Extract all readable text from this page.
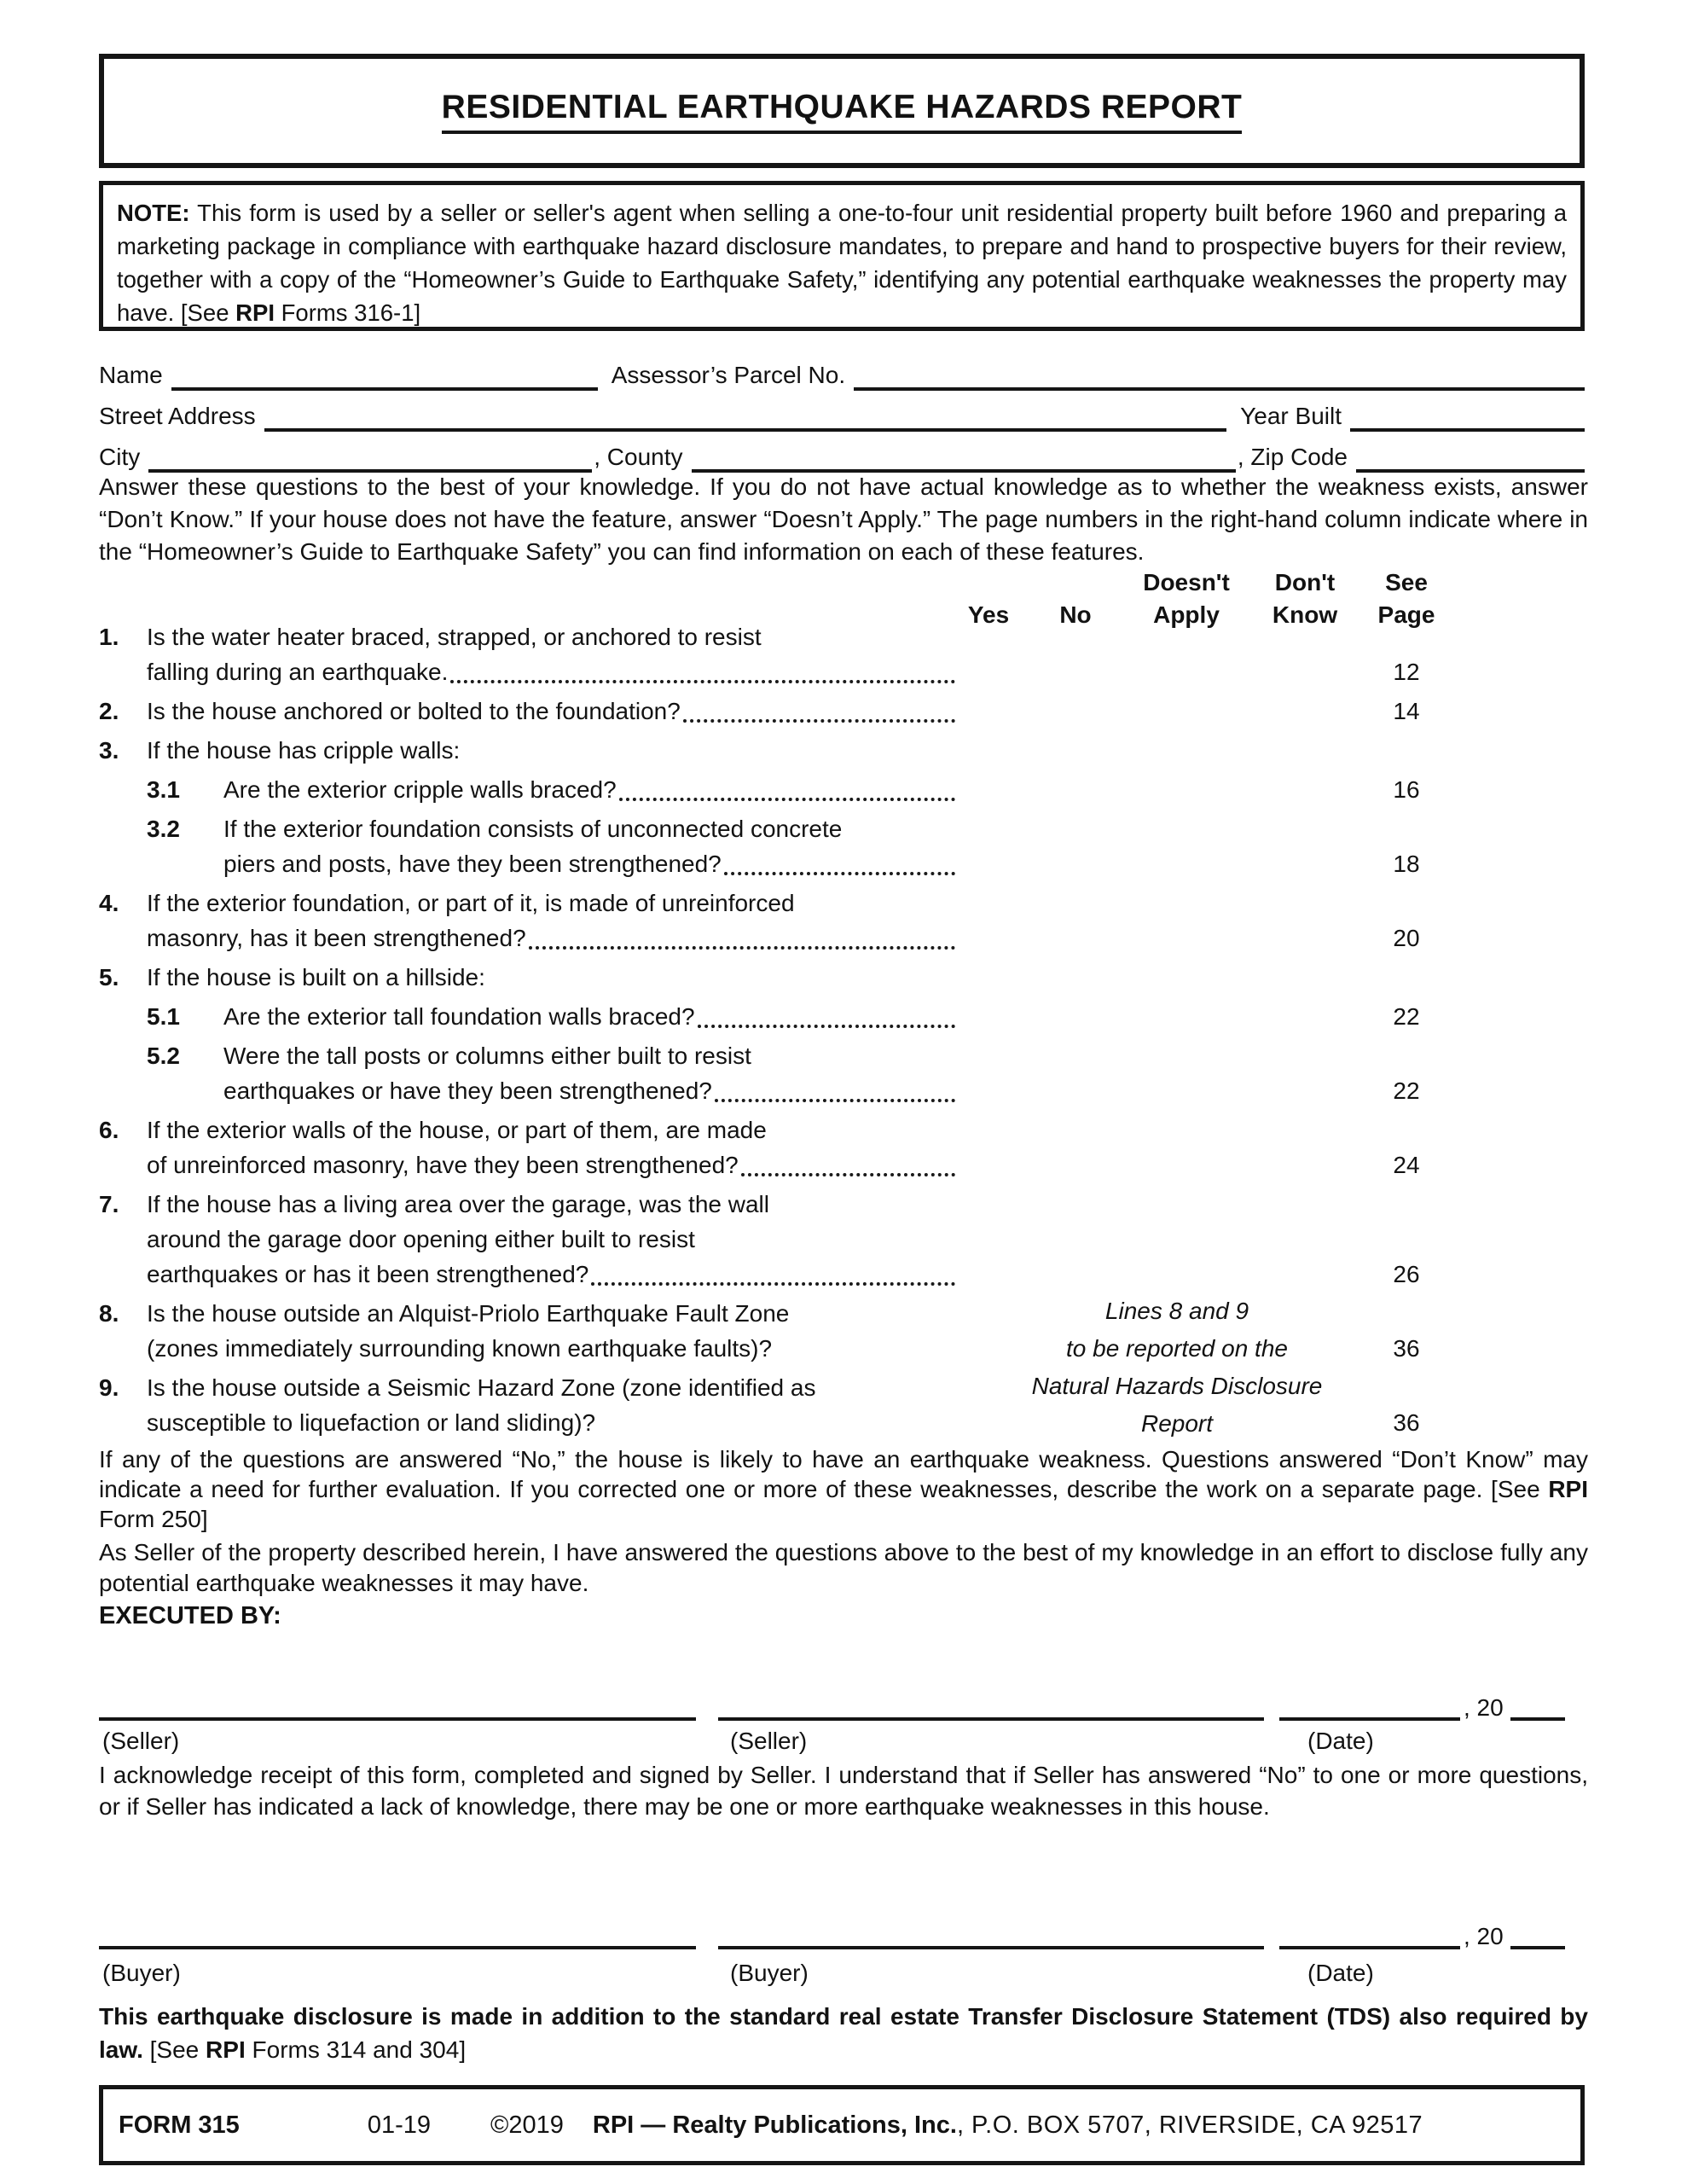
RESIDENTIAL EARTHQUAKE HAZARDS REPORT

NOTE: This form is used by a seller or seller's agent when selling a one-to-four unit residential property built before 1960 and preparing a marketing package in compliance with earthquake hazard disclosure mandates, to prepare and hand to prospective buyers for their review, together with a copy of the “Homeowner’s Guide to Earthquake Safety,” identifying any potential earthquake weaknesses the property may have. [See RPI Forms 316-1]

Name	Assessor’s Parcel No.
Street Address	Year Built
City	, County	, Zip Code

Answer these questions to the best of your knowledge. If you do not have actual knowledge as to whether the weakness exists, answer “Don’t Know.” If your house does not have the feature, answer “Doesn’t Apply.” The page numbers in the right-hand column indicate where in the “Homeowner’s Guide to Earthquake Safety” you can find information on each of these features.

Yes No
Doesn't
Apply
Don't
Know
See
Page
1. Is the water heater braced, strapped, or anchored to resist
falling during an earthquake.	12
2. Is the house anchored or bolted to the foundation?	14
3. If the house has cripple walls:
3.1 Are the exterior cripple walls braced?	16
3.2 If the exterior foundation consists of unconnected concrete
piers and posts, have they been strengthened?	18
4. If the exterior foundation, or part of it, is made of unreinforced
masonry, has it been strengthened?	20
5. If the house is built on a hillside:
5.1 Are the exterior tall foundation walls braced?	22
5.2 Were the tall posts or columns either built to resist
earthquakes or have they been strengthened?	22
6. If the exterior walls of the house, or part of them, are made
of unreinforced masonry, have they been strengthened?	24
7. If the house has a living area over the garage, was the wall
around the garage door opening either built to resist
earthquakes or has it been strengthened?	26
8. Is the house outside an Alquist-Priolo Earthquake Fault Zone
(zones immediately surrounding known earthquake faults)?	36
9. Is the house outside a Seismic Hazard Zone (zone identified as
susceptible to liquefaction or land sliding)?	36
Lines 8 and 9
to be reported on the
Natural Hazards Disclosure
Report

If any of the questions are answered “No,” the house is likely to have an earthquake weakness. Questions answered “Don’t Know” may indicate a need for further evaluation. If you corrected one or more of these weaknesses, describe the work on a separate page. [See RPI Form 250]

As Seller of the property described herein, I have answered the questions above to the best of my knowledge in an effort to disclose fully any potential earthquake weaknesses it may have.

EXECUTED BY:

, 20
(Seller)	(Seller)	(Date)

I acknowledge receipt of this form, completed and signed by Seller. I understand that if Seller has answered “No” to one or more questions, or if Seller has indicated a lack of knowledge, there may be one or more earthquake weaknesses in this house.

, 20
(Buyer)	(Buyer)	(Date)

This earthquake disclosure is made in addition to the standard real estate Transfer Disclosure Statement (TDS) also required by law. [See RPI Forms 314 and 304]

FORM 315	01-19 ©2019 RPI — Realty Publications, Inc. , P.O. BOX 5707, RIVERSIDE, CA 92517
